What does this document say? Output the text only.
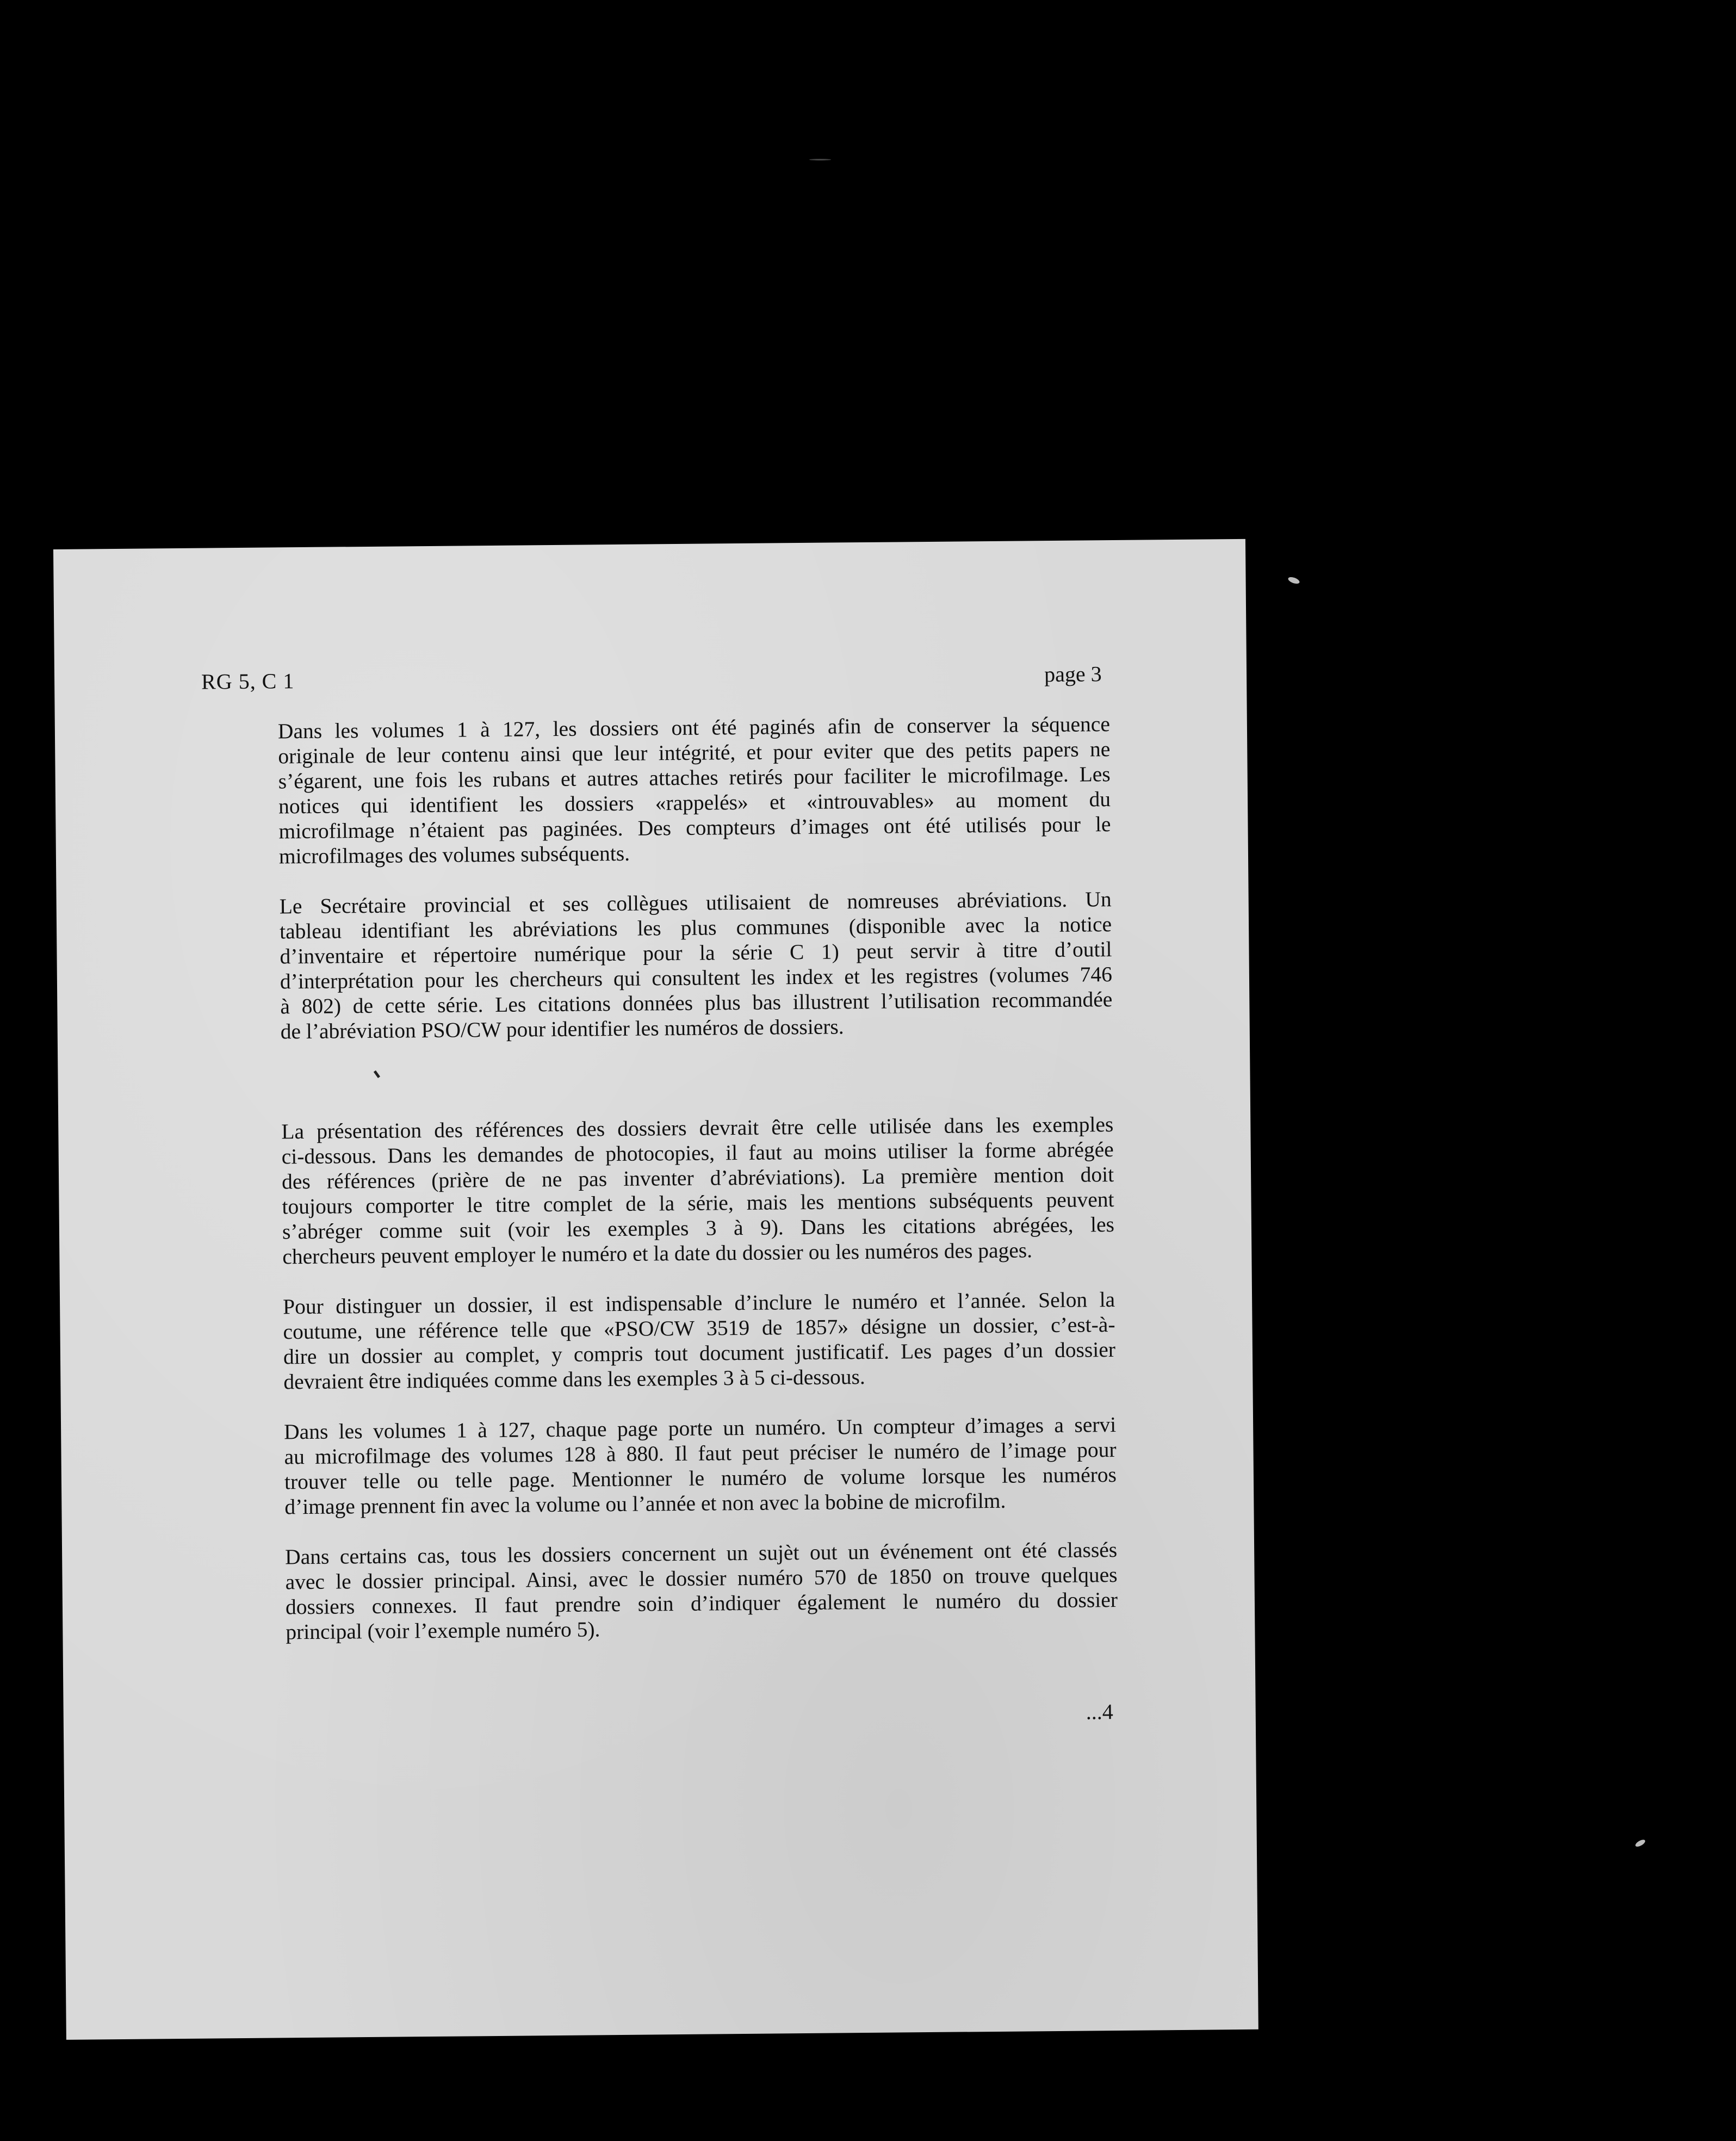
RG 5, C 1	page 3

Dans les volumes 1 à 127, les dossiers ont été paginés afin de conserver la séquence
originale de leur contenu ainsi que leur intégrité, et pour eviter que des petits papers ne
s’égarent, une fois les rubans et autres attaches retirés pour faciliter le microfilmage. Les
notices qui identifient les dossiers «rappelés» et «introuvables» au moment du
microfilmage n’étaient pas paginées. Des compteurs d’images ont été utilisés pour le
microfilmages des volumes subséquents.

Le Secrétaire provincial et ses collègues utilisaient de nomreuses abréviations. Un
tableau identifiant les abréviations les plus communes (disponible avec la notice
d’inventaire et répertoire numérique pour la série C 1) peut servir à titre d’outil
d’interprétation pour les chercheurs qui consultent les index et les registres (volumes 746
à 802) de cette série. Les citations données plus bas illustrent l’utilisation recommandée
de l’abréviation PSO/CW pour identifier les numéros de dossiers.

La présentation des références des dossiers devrait être celle utilisée dans les exemples
ci-dessous. Dans les demandes de photocopies, il faut au moins utiliser la forme abrégée
des références (prière de ne pas inventer d’abréviations). La première mention doit
toujours comporter le titre complet de la série, mais les mentions subséquents peuvent
s’abréger comme suit (voir les exemples 3 à 9). Dans les citations abrégées, les
chercheurs peuvent employer le numéro et la date du dossier ou les numéros des pages.

Pour distinguer un dossier, il est indispensable d’inclure le numéro et l’année. Selon la
coutume, une référence telle que «PSO/CW 3519 de 1857» désigne un dossier, c’est-à-
dire un dossier au complet, y compris tout document justificatif. Les pages d’un dossier
devraient être indiquées comme dans les exemples 3 à 5 ci-dessous.

Dans les volumes 1 à 127, chaque page porte un numéro. Un compteur d’images a servi
au microfilmage des volumes 128 à 880. Il faut peut préciser le numéro de l’image pour
trouver telle ou telle page. Mentionner le numéro de volume lorsque les numéros
d’image prennent fin avec la volume ou l’année et non avec la bobine de microfilm.

Dans certains cas, tous les dossiers concernent un sujèt out un événement ont été classés
avec le dossier principal. Ainsi, avec le dossier numéro 570 de 1850 on trouve quelques
dossiers connexes. Il faut prendre soin d’indiquer également le numéro du dossier
principal (voir l’exemple numéro 5).

...4
